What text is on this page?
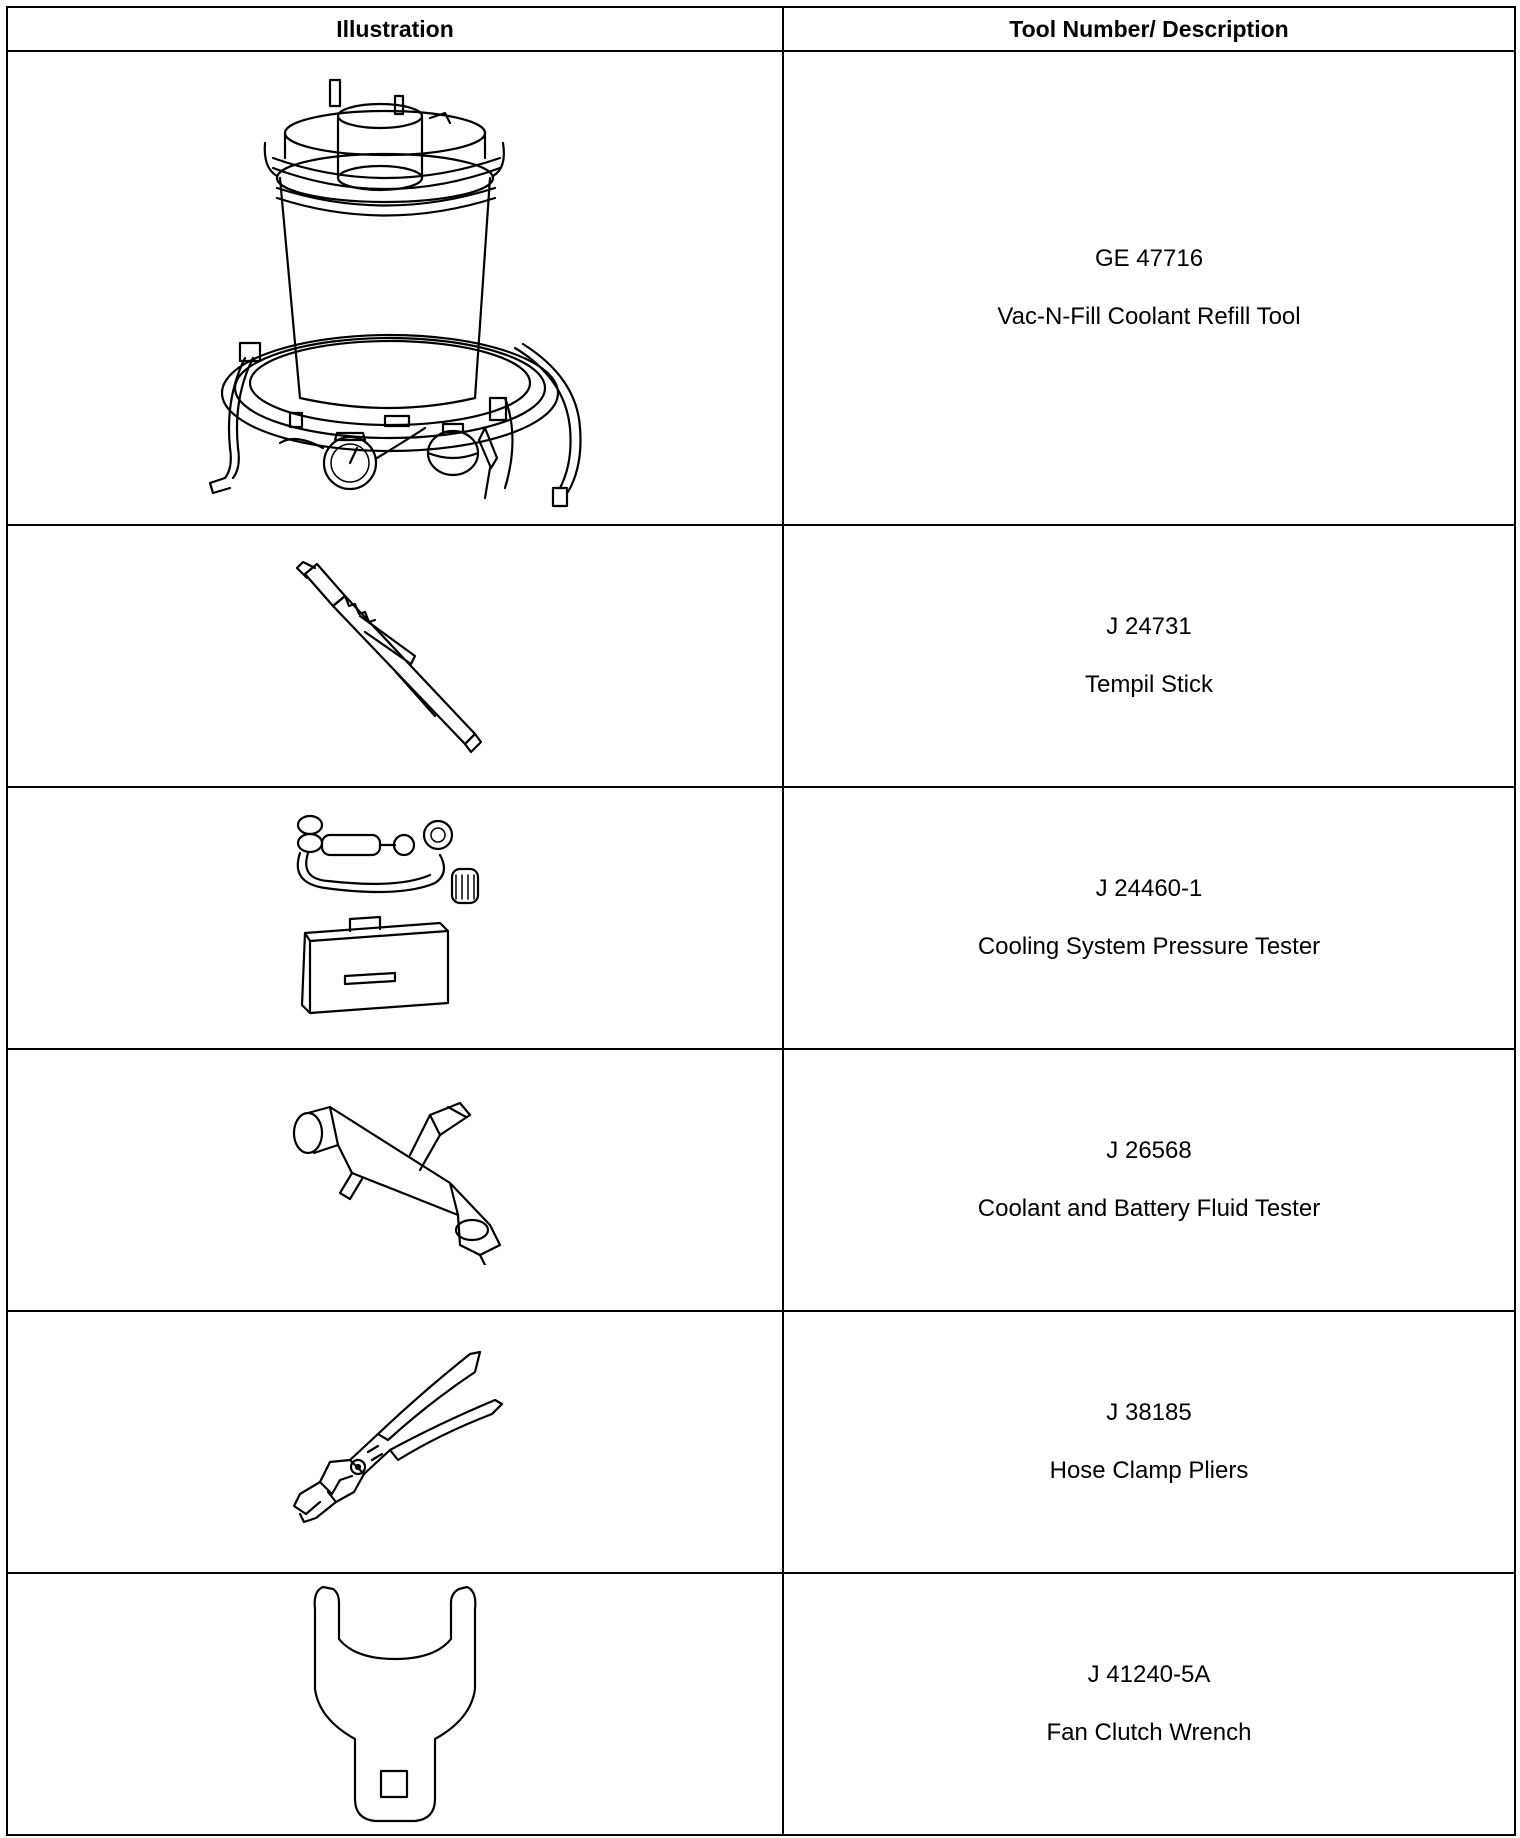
Illustration	Tool Number/ Description

GE 47716
Vac-N-Fill Coolant Refill Tool

J 24731
Tempil Stick

J 24460-1
Cooling System Pressure Tester

J 26568
Coolant and Battery Fluid Tester

J 38185
Hose Clamp Pliers

J 41240-5A
Fan Clutch Wrench
